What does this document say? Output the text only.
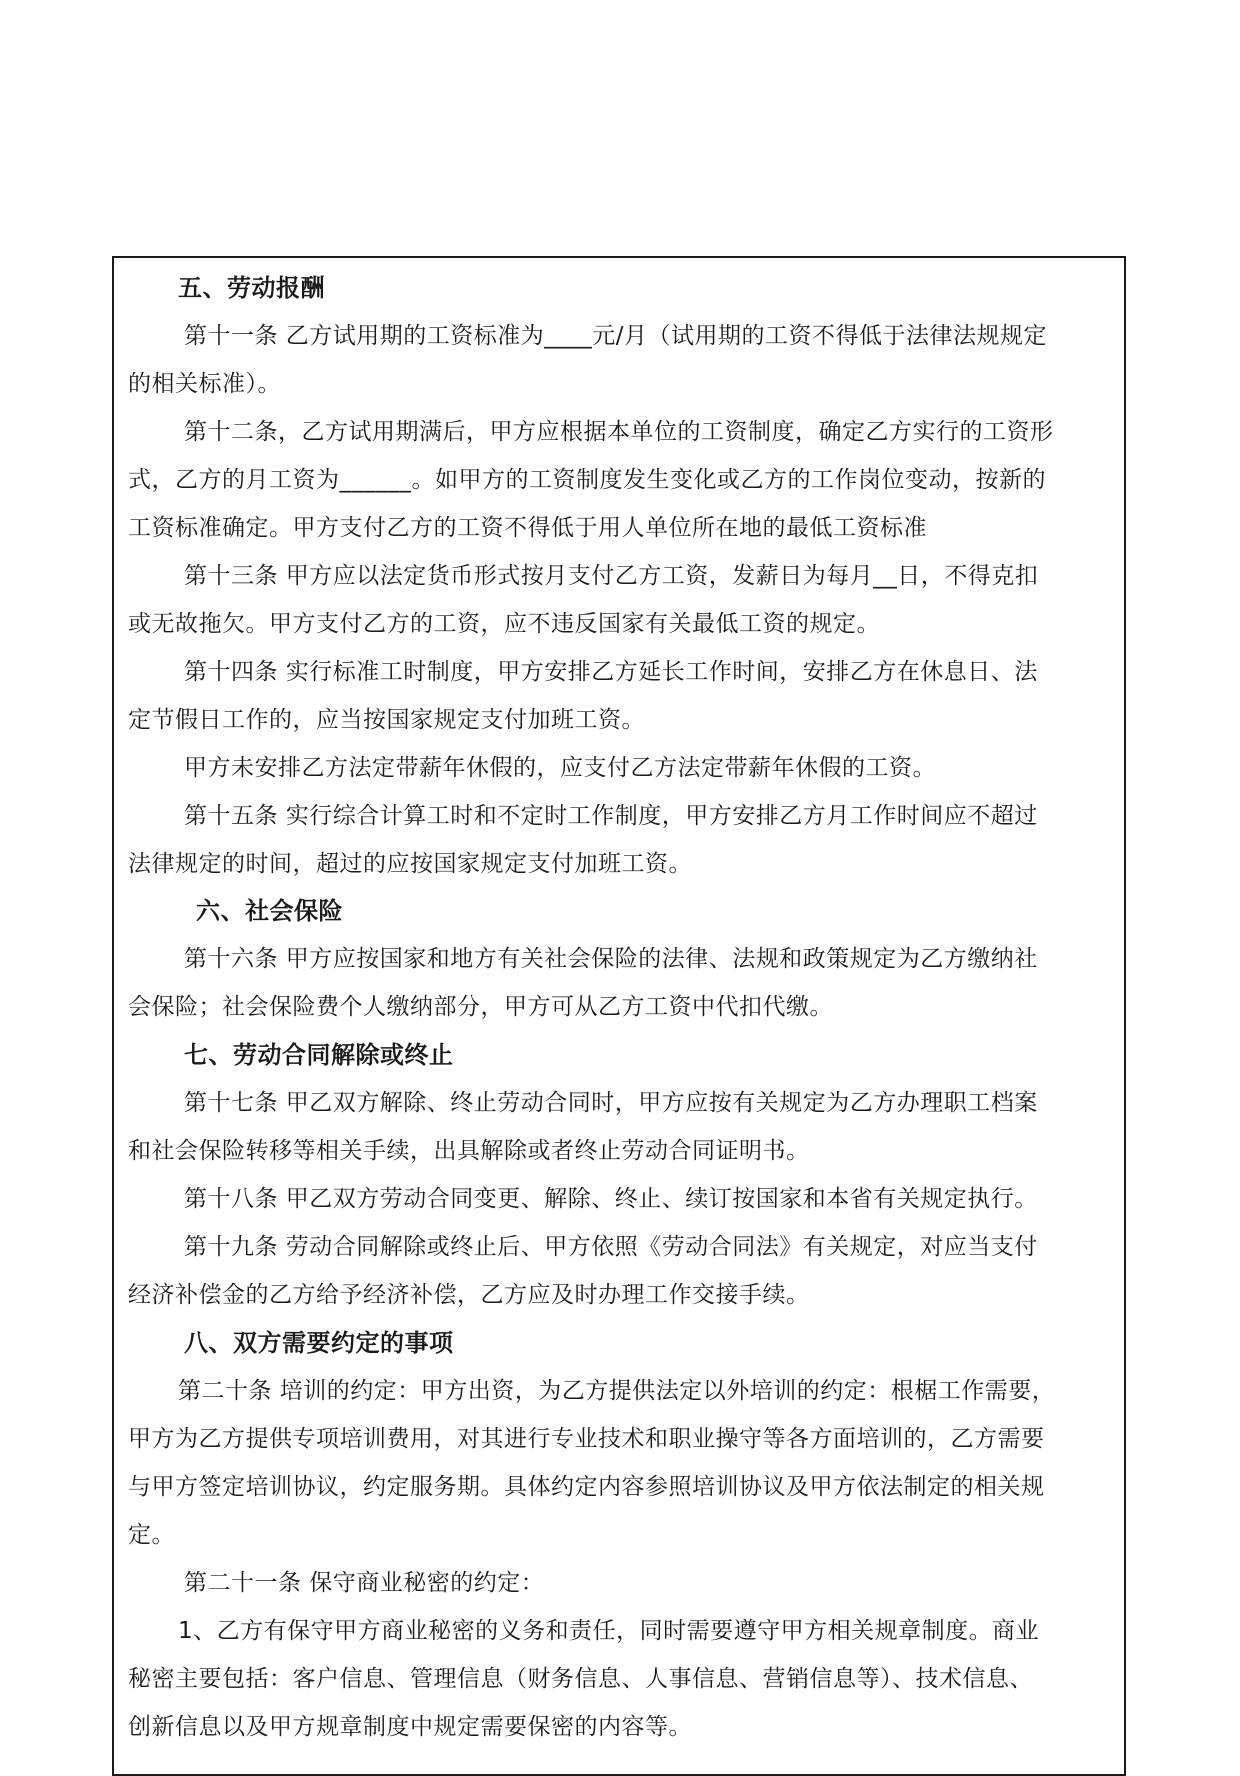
五、劳动报酬
第十一条 乙方试用期的工资标准为____元/月（试用期的工资不得低于法律法规规定
的相关标准）。
第十二条，乙方试用期满后，甲方应根据本单位的工资制度，确定乙方实行的工资形
式，乙方的月工资为______。如甲方的工资制度发生变化或乙方的工作岗位变动，按新的
工资标准确定。甲方支付乙方的工资不得低于用人单位所在地的最低工资标准
第十三条 甲方应以法定货币形式按月支付乙方工资，发薪日为每月__日，不得克扣
或无故拖欠。甲方支付乙方的工资，应不违反国家有关最低工资的规定。
第十四条 实行标准工时制度，甲方安排乙方延长工作时间，安排乙方在休息日、法
定节假日工作的，应当按国家规定支付加班工资。
甲方未安排乙方法定带薪年休假的，应支付乙方法定带薪年休假的工资。
第十五条 实行综合计算工时和不定时工作制度，甲方安排乙方月工作时间应不超过
法律规定的时间，超过的应按国家规定支付加班工资。
六、社会保险
第十六条 甲方应按国家和地方有关社会保险的法律、法规和政策规定为乙方缴纳社
会保险；社会保险费个人缴纳部分，甲方可从乙方工资中代扣代缴。
七、劳动合同解除或终止
第十七条 甲乙双方解除、终止劳动合同时，甲方应按有关规定为乙方办理职工档案
和社会保险转移等相关手续，出具解除或者终止劳动合同证明书。
第十八条 甲乙双方劳动合同变更、解除、终止、续订按国家和本省有关规定执行。
第十九条 劳动合同解除或终止后、甲方依照《劳动合同法》有关规定，对应当支付
经济补偿金的乙方给予经济补偿，乙方应及时办理工作交接手续。
八、双方需要约定的事项
第二十条 培训的约定：甲方出资，为乙方提供法定以外培训的约定：根椐工作需要，
甲方为乙方提供专项培训费用，对其进行专业技术和职业操守等各方面培训的，乙方需要
与甲方签定培训协议，约定服务期。具体约定内容参照培训协议及甲方依法制定的相关规
定。
第二十一条 保守商业秘密的约定：
1、乙方有保守甲方商业秘密的义务和责任，同时需要遵守甲方相关规章制度。商业
秘密主要包括：客户信息、管理信息（财务信息、人事信息、营销信息等）、技术信息、
创新信息以及甲方规章制度中规定需要保密的内容等。
